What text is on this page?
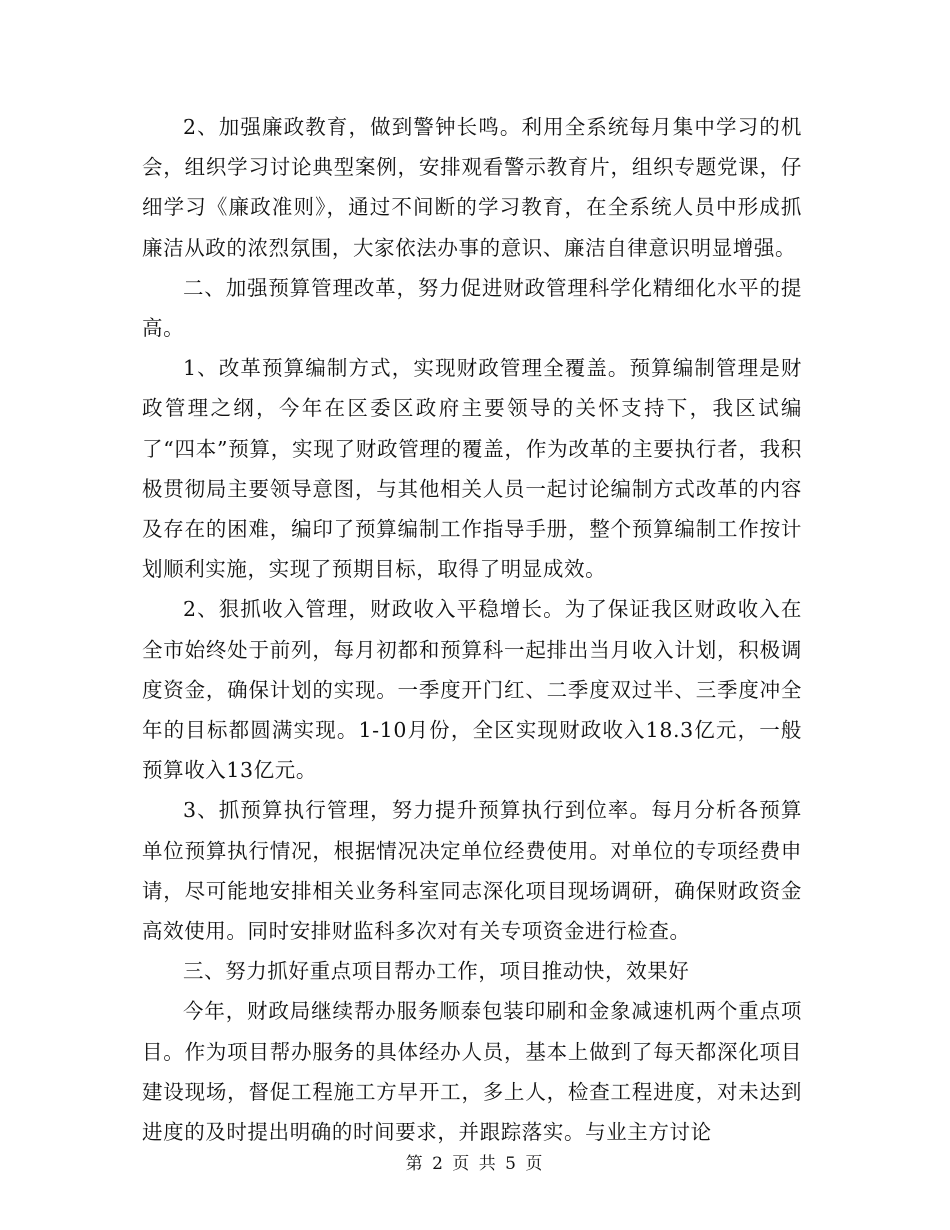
2、加强廉政教育，做到警钟长鸣。利用全系统每月集中学习的机会，组织学习讨论典型案例，安排观看警示教育片，组织专题党课，仔细学习《廉政准则》，通过不间断的学习教育，在全系统人员中形成抓廉洁从政的浓烈氛围，大家依法办事的意识、廉洁自律意识明显增强。

二、加强预算管理改革，努力促进财政管理科学化精细化水平的提高。

1、改革预算编制方式，实现财政管理全覆盖。预算编制管理是财政管理之纲，今年在区委区政府主要领导的关怀支持下，我区试编了“四本”预算，实现了财政管理的覆盖，作为改革的主要执行者，我积极贯彻局主要领导意图，与其他相关人员一起讨论编制方式改革的内容及存在的困难，编印了预算编制工作指导手册，整个预算编制工作按计划顺利实施，实现了预期目标，取得了明显成效。

2、狠抓收入管理，财政收入平稳增长。为了保证我区财政收入在全市始终处于前列，每月初都和预算科一起排出当月收入计划，积极调度资金，确保计划的实现。一季度开门红、二季度双过半、三季度冲全年的目标都圆满实现。1-10月份，全区实现财政收入18.3亿元，一般预算收入13亿元。

3、抓预算执行管理，努力提升预算执行到位率。每月分析各预算单位预算执行情况，根据情况决定单位经费使用。对单位的专项经费申请，尽可能地安排相关业务科室同志深化项目现场调研，确保财政资金高效使用。同时安排财监科多次对有关专项资金进行检查。

三、努力抓好重点项目帮办工作，项目推动快，效果好

今年，财政局继续帮办服务顺泰包装印刷和金象减速机两个重点项目。作为项目帮办服务的具体经办人员，基本上做到了每天都深化项目建设现场，督促工程施工方早开工，多上人，检查工程进度，对未达到进度的及时提出明确的时间要求，并跟踪落实。与业主方讨论

第 2 页 共 5 页
